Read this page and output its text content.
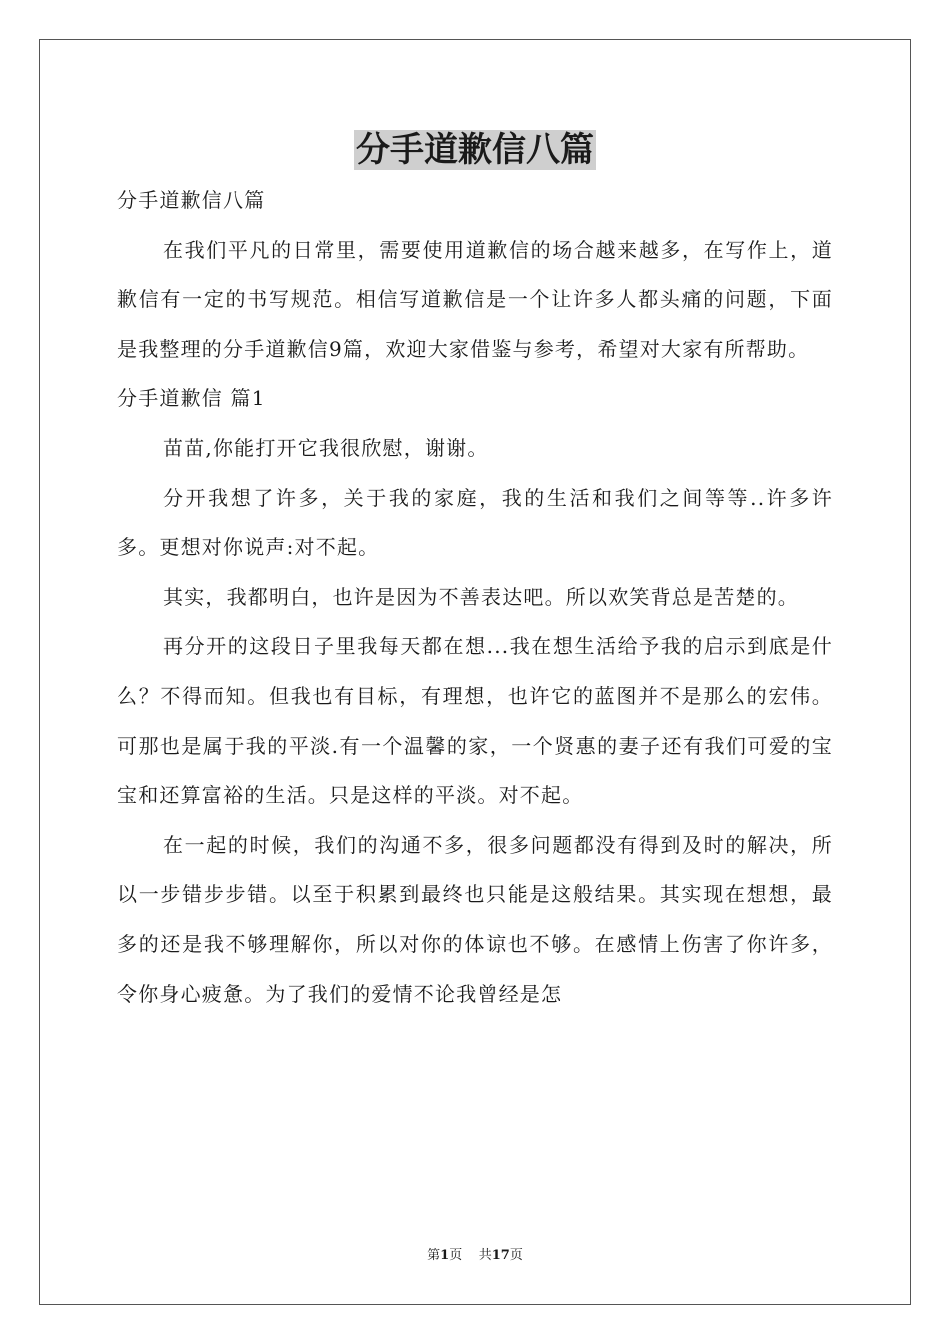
分手道歉信八篇

分手道歉信八篇

在我们平凡的日常里，需要使用道歉信的场合越来越多，在写作上，道歉信有一定的书写规范。相信写道歉信是一个让许多人都头痛的问题，下面是我整理的分手道歉信9篇，欢迎大家借鉴与参考，希望对大家有所帮助。

分手道歉信 篇1

苗苗,你能打开它我很欣慰，谢谢。

分开我想了许多，关于我的家庭，我的生活和我们之间等等..许多许多。更想对你说声:对不起。

其实，我都明白，也许是因为不善表达吧。所以欢笑背总是苦楚的。

再分开的这段日子里我每天都在想...我在想生活给予我的启示到底是什么？不得而知。但我也有目标，有理想，也许它的蓝图并不是那么的宏伟。可那也是属于我的平淡.有一个温馨的家，一个贤惠的妻子还有我们可爱的宝宝和还算富裕的生活。只是这样的平淡。对不起。

在一起的时候，我们的沟通不多，很多问题都没有得到及时的解决，所以一步错步步错。以至于积累到最终也只能是这般结果。其实现在想想，最多的还是我不够理解你，所以对你的体谅也不够。在感情上伤害了你许多，令你身心疲惫。为了我们的爱情不论我曾经是怎

第1页 共17页
